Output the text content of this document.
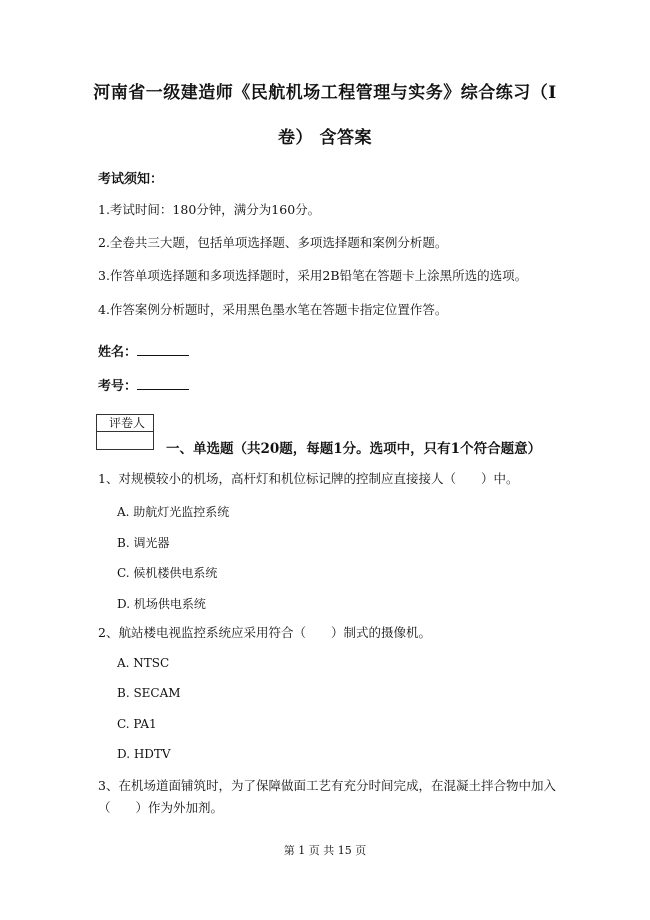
河南省一级建造师《民航机场工程管理与实务》综合练习（I
卷） 含答案
考试须知：
1.考试时间：180分钟，满分为160分。
2.全卷共三大题，包括单项选择题、多项选择题和案例分析题。
3.作答单项选择题和多项选择题时，采用2B铅笔在答题卡上涂黑所选的选项。
4.作答案例分析题时，采用黑色墨水笔在答题卡指定位置作答。
姓名：
考号：
评卷人
一、单选题（共20题，每题1分。选项中，只有1个符合题意）
1、对规模较小的机场，高杆灯和机位标记牌的控制应直接接人（　　）中。
A. 助航灯光监控系统
B. 调光器
C. 候机楼供电系统
D. 机场供电系统
2、航站楼电视监控系统应采用符合（　　）制式的摄像机。
A. NTSC
B. SECAM
C. PA1
D. HDTV
3、在机场道面铺筑时，为了保障做面工艺有充分时间完成，在混凝土拌合物中加入（　　）作为外加剂。
第 1 页 共 15 页
